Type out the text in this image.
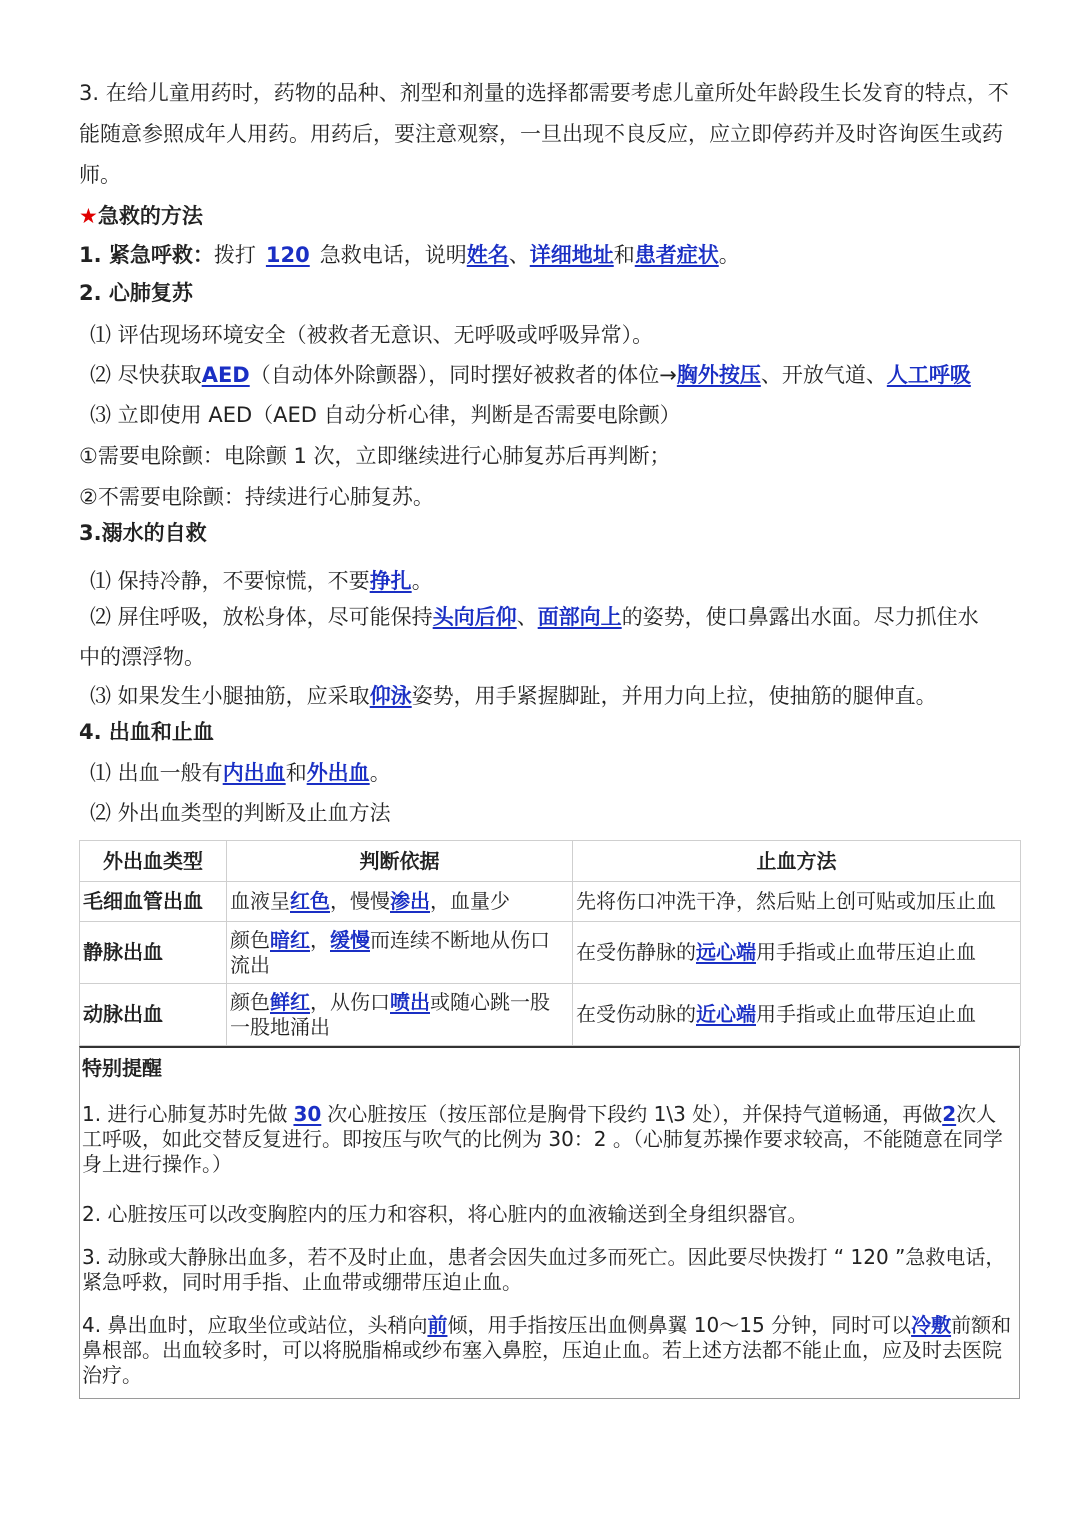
3. 在给儿童用药时，药物的品种、剂型和剂量的选择都需要考虑儿童所处年龄段生长发育的特点，不
能随意参照成年人用药。用药后，要注意观察，一旦出现不良反应，应立即停药并及时咨询医生或药
师。
★急救的方法
1. 紧急呼救：拨打 120 急救电话，说明姓名、详细地址和患者症状。
2. 心肺复苏
⑴ 评估现场环境安全（被救者无意识、无呼吸或呼吸异常）。
⑵ 尽快获取AED（自动体外除颤器），同时摆好被救者的体位→胸外按压、开放气道、人工呼吸
⑶ 立即使用 AED（AED 自动分析心律，判断是否需要电除颤）
①需要电除颤：电除颤 1 次，立即继续进行心肺复苏后再判断；
②不需要电除颤：持续进行心肺复苏。
3.溺水的自救
⑴ 保持冷静，不要惊慌，不要挣扎。
⑵ 屏住呼吸，放松身体，尽可能保持头向后仰、面部向上的姿势，使口鼻露出水面。尽力抓住水
中的漂浮物。
⑶ 如果发生小腿抽筋，应采取仰泳姿势，用手紧握脚趾，并用力向上拉，使抽筋的腿伸直。
4. 出血和止血
⑴ 出血一般有内出血和外出血。
⑵ 外出血类型的判断及止血方法
外出血类型	判断依据	止血方法
毛细血管出血	血液呈红色，慢慢渗出，血量少	先将伤口冲洗干净，然后贴上创可贴或加压止血
静脉出血	颜色暗红，缓慢而连续不断地从伤口流出	在受伤静脉的远心端用手指或止血带压迫止血
动脉出血	颜色鲜红，从伤口喷出或随心跳一股一股地涌出	在受伤动脉的近心端用手指或止血带压迫止血

特别提醒

1. 进行心肺复苏时先做 30 次心脏按压（按压部位是胸骨下段约 1\3 处），并保持气道畅通，再做2次人工呼吸，如此交替反复进行。即按压与吹气的比例为 30：2 。（心肺复苏操作要求较高，不能随意在同学身上进行操作。）

2. 心脏按压可以改变胸腔内的压力和容积，将心脏内的血液输送到全身组织器官。

3. 动脉或大静脉出血多，若不及时止血，患者会因失血过多而死亡。因此要尽快拨打 “ 120 ”急救电话，紧急呼救，同时用手指、止血带或绷带压迫止血。

4. 鼻出血时，应取坐位或站位，头稍向前倾，用手指按压出血侧鼻翼 10～15 分钟，同时可以冷敷前额和鼻根部。出血较多时，可以将脱脂棉或纱布塞入鼻腔，压迫止血。若上述方法都不能止血，应及时去医院治疗。
